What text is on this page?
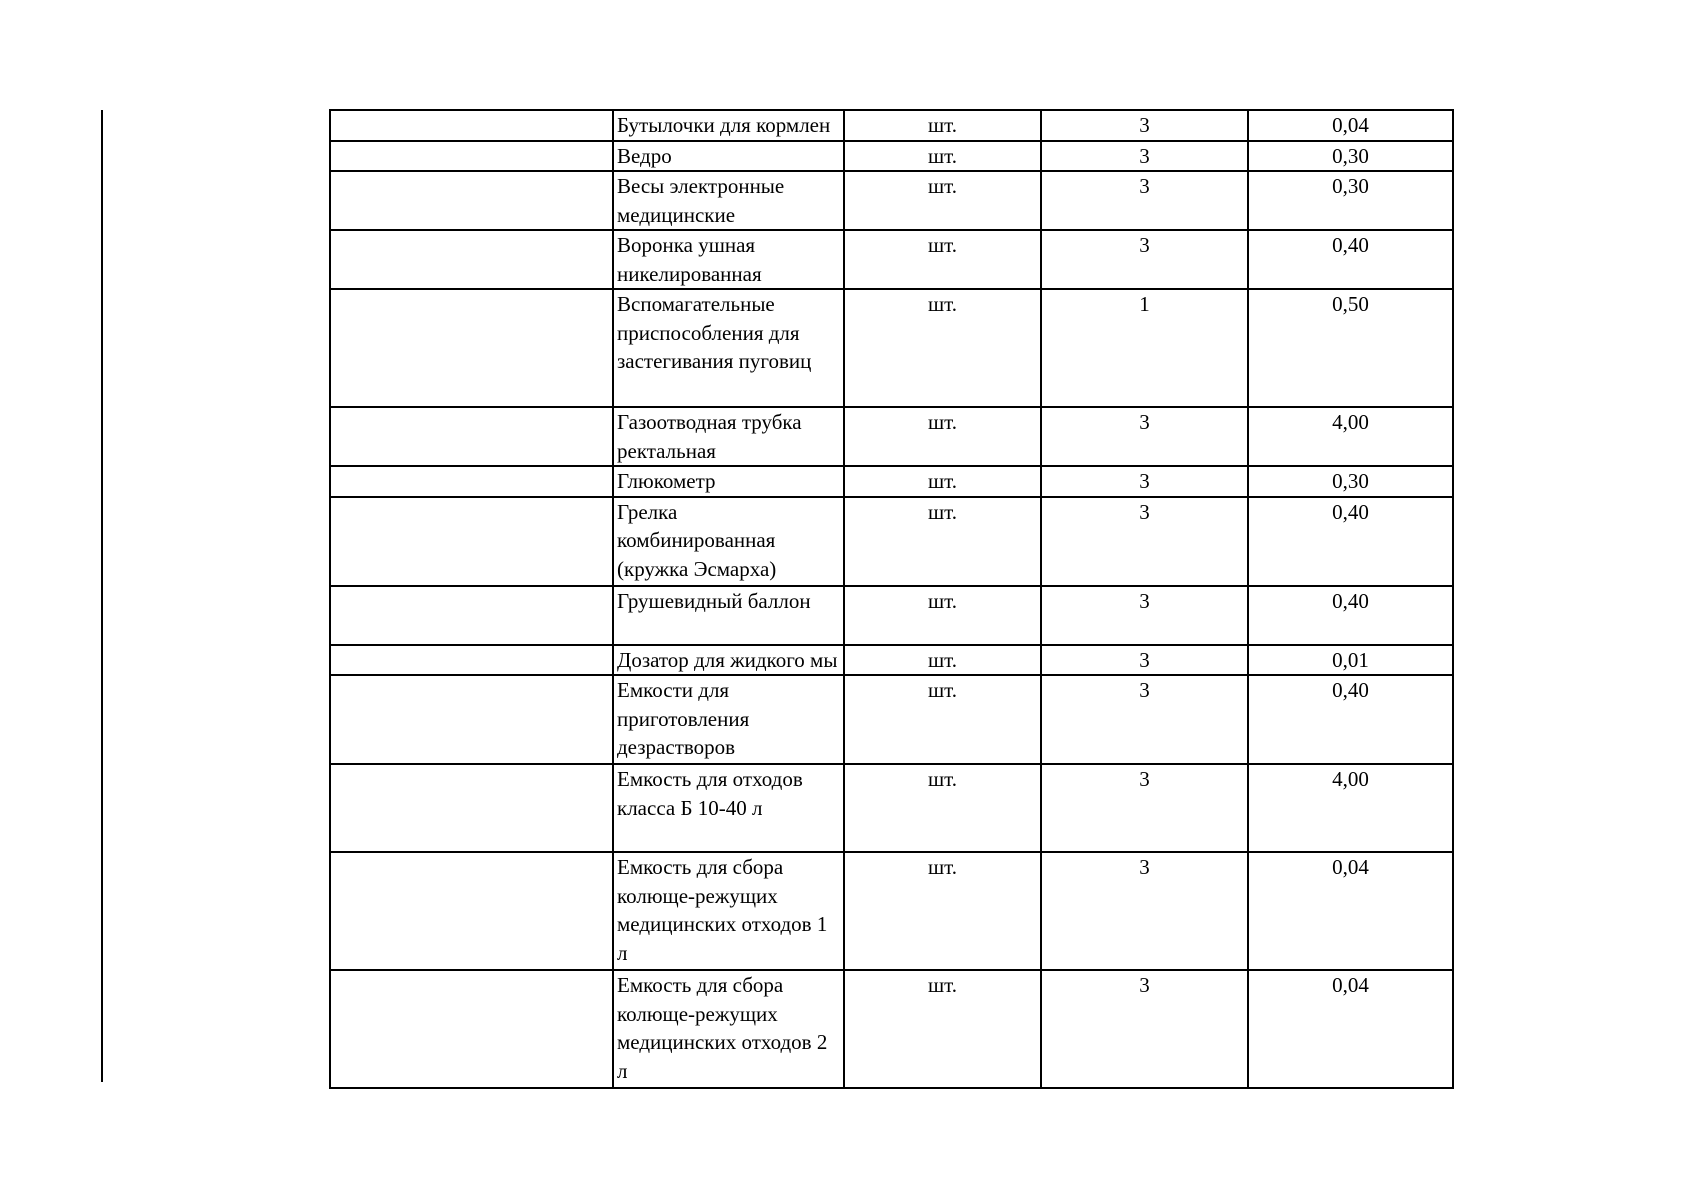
	Бутылочки для кормлен	шт.	3	0,04
	Ведро	шт.	3	0,30
	Весы электронные медицинские	шт.	3	0,30
	Воронка ушная никелированная	шт.	3	0,40
	Вспомагательные приспособления для застегивания пуговиц	шт.	1	0,50
	Газоотводная трубка ректальная	шт.	3	4,00
	Глюкометр	шт.	3	0,30
	Грелка комбинированная (кружка Эсмарха)	шт.	3	0,40
	Грушевидный баллон	шт.	3	0,40
	Дозатор для жидкого мы	шт.	3	0,01
	Емкости для приготовления дезрастворов	шт.	3	0,40
	Емкость для отходов класса Б 10-40 л	шт.	3	4,00
	Емкость для сбора колюще-режущих медицинских отходов 1 л	шт.	3	0,04
	Емкость для сбора колюще-режущих медицинских отходов 2 л	шт.	3	0,04
